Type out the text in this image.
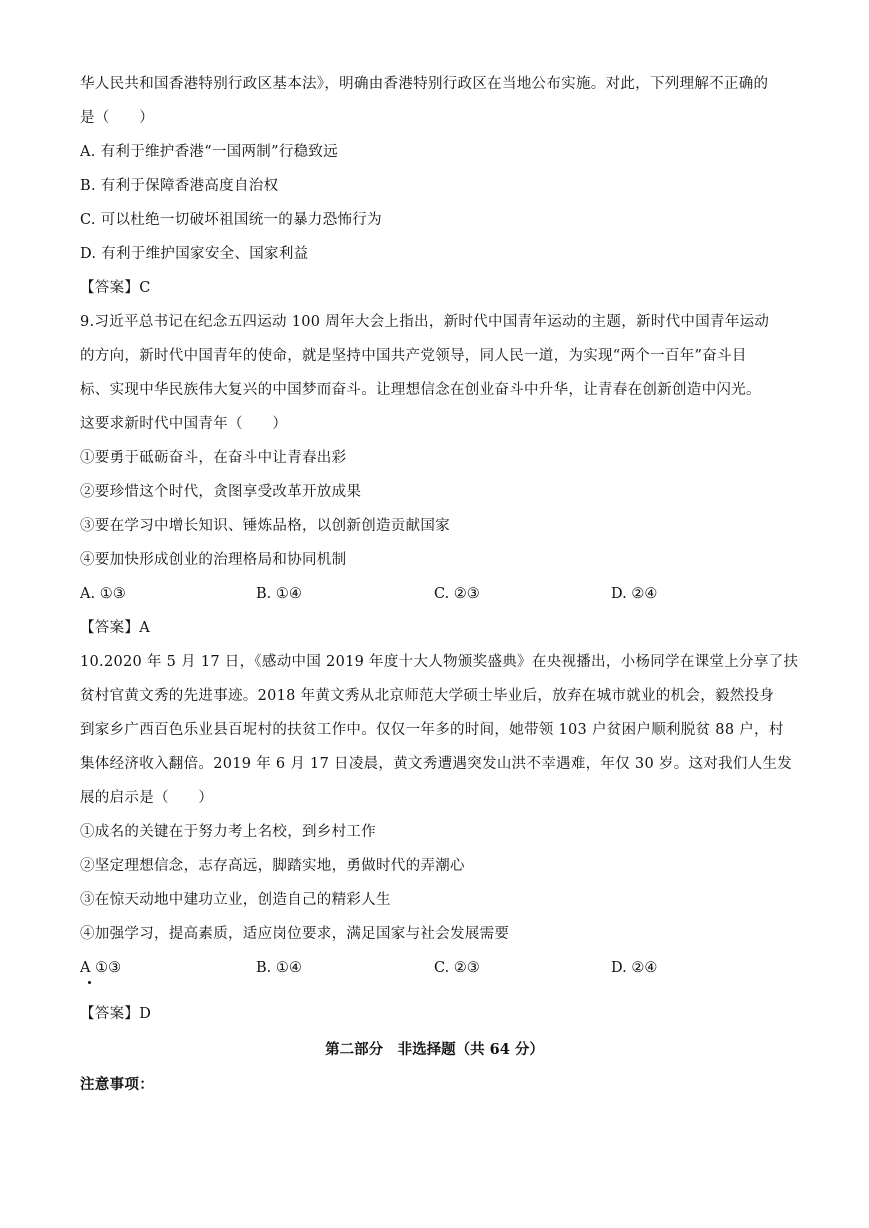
华人民共和国香港特别行政区基本法》，明确由香港特别行政区在当地公布实施。对此，下列理解不正确的
是（　　）
A. 有利于维护香港“一国两制”行稳致远
B. 有利于保障香港高度自治权
C. 可以杜绝一切破坏祖国统一的暴力恐怖行为
D. 有利于维护国家安全、国家利益
【答案】C
9.习近平总书记在纪念五四运动 100 周年大会上指出，新时代中国青年运动的主题，新时代中国青年运动
的方向，新时代中国青年的使命，就是坚持中国共产党领导，同人民一道，为实现“两个一百年”奋斗目
标、实现中华民族伟大复兴的中国梦而奋斗。让理想信念在创业奋斗中升华，让青春在创新创造中闪光。
这要求新时代中国青年（　　）
①要勇于砥砺奋斗，在奋斗中让青春出彩
②要珍惜这个时代，贪图享受改革开放成果
③要在学习中增长知识、锤炼品格，以创新创造贡献国家
④要加快形成创业的治理格局和协同机制
A. ①③	B. ①④	C. ②③	D. ②④
【答案】A
10.2020 年 5 月 17 日，《感动中国 2019 年度十大人物颁奖盛典》在央视播出，小杨同学在课堂上分享了扶
贫村官黄文秀的先进事迹。2018 年黄文秀从北京师范大学硕士毕业后，放弃在城市就业的机会，毅然投身
到家乡广西百色乐业县百坭村的扶贫工作中。仅仅一年多的时间，她带领 103 户贫困户顺利脱贫 88 户，村
集体经济收入翻倍。2019 年 6 月 17 日凌晨，黄文秀遭遇突发山洪不幸遇难，年仅 30 岁。这对我们人生发
展的启示是（　　）
①成名的关键在于努力考上名校，到乡村工作
②坚定理想信念，志存高远，脚踏实地，勇做时代的弄潮心
③在惊天动地中建功立业，创造自己的精彩人生
④加强学习，提高素质，适应岗位要求，满足国家与社会发展需要
A ①③	B. ①④	C. ②③	D. ②④
【答案】D
第二部分　非选择题（共 64 分）
注意事项：
